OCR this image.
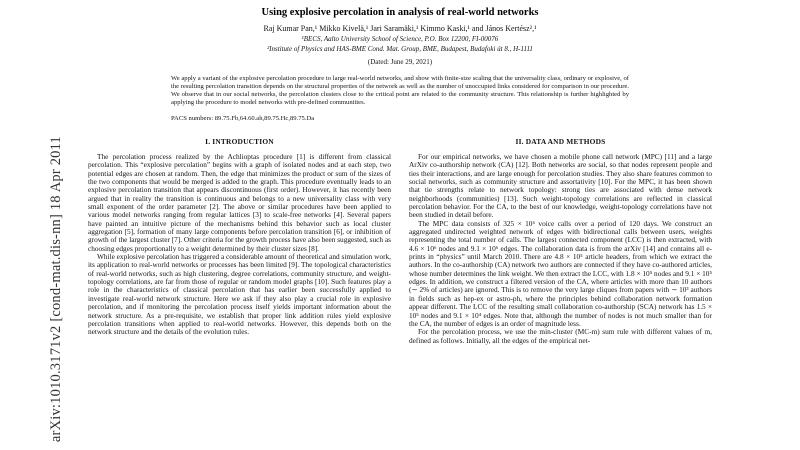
arXiv:1010.3171v2 [cond-mat.dis-nn] 18 Apr 2011
Using explosive percolation in analysis of real-world networks
Raj Kumar Pan,¹ Mikko Kivelä,¹ Jari Saramäki,¹ Kimmo Kaski,¹ and János Kertész²,¹
¹BECS, Aalto University School of Science, P.O. Box 12200, FI-00076
²Institute of Physics and HAS-BME Cond. Mat. Group, BME, Budapest, Budafoki út 8., H-1111
(Dated: June 29, 2021)
We apply a variant of the explosive percolation procedure to large real-world networks, and show with finite-size scaling that the universality class, ordinary or explosive, of the resulting percolation transition depends on the structural properties of the network as well as the number of unoccupied links considered for comparison in our procedure. We observe that in our social networks, the percolation clusters close to the critical point are related to the community structure. This relationship is further highlighted by applying the procedure to model networks with pre-defined communities.
PACS numbers: 89.75.Fb,64.60.ah,89.75.Hc,89.75.Da
I. INTRODUCTION

The percolation process realized by the Achlioptas procedure [1] is different from classical percolation. This “explosive percolation” begins with a graph of isolated nodes and at each step, two potential edges are chosen at random. Then, the edge that minimizes the product or sum of the sizes of the two components that would be merged is added to the graph. This procedure eventually leads to an explosive percolation transition that appears discontinuous (first order). However, it has recently been argued that in reality the transition is continuous and belongs to a new universality class with very small exponent of the order parameter [2]. The above or similar procedures have been applied to various model networks ranging from regular lattices [3] to scale-free networks [4]. Several papers have painted an intuitive picture of the mechanisms behind this behavior such as local cluster aggregation [5], formation of many large components before percolation transition [6], or inhibition of growth of the largest cluster [7]. Other criteria for the growth process have also been suggested, such as choosing edges proportionally to a weight determined by their cluster sizes [8].

While explosive percolation has triggered a considerable amount of theoretical and simulation work, its application to real-world networks or processes has been limited [9]. The topological characteristics of real-world networks, such as high clustering, degree correlations, community structure, and weight-topology correlations, are far from those of regular or random model graphs [10]. Such features play a role in the characteristics of classical percolation that has earlier been successfully applied to investigate real-world network structure. Here we ask if they also play a crucial role in explosive percolation, and if monitoring the percolation process itself yields important information about the network structure. As a pre-requisite, we establish that proper link addition rules yield explosive percolation transitions when applied to real-world networks. However, this depends both on the network structure and the details of the evolution rules.

II. DATA AND METHODS

For our empirical networks, we have chosen a mobile phone call network (MPC) [11] and a large ArXiv co-authorship network (CA) [12]. Both networks are social, so that nodes represent people and ties their interactions, and are large enough for percolation studies. They also share features common to social networks, such as community structure and assortativity [10]. For the MPC, it has been shown that tie strengths relate to network topology: strong ties are associated with dense network neighborhoods (communities) [13]. Such weight-topology correlations are reflected in classical percolation behavior. For the CA, to the best of our knowledge, weight-topology correlations have not been studied in detail before.

The MPC data consists of 325 × 10⁶ voice calls over a period of 120 days. We construct an aggregated undirected weighted network of edges with bidirectional calls between users, weights representing the total number of calls. The largest connected component (LCC) is then extracted, with 4.6 × 10⁶ nodes and 9.1 × 10⁶ edges. The collaboration data is from the arXiv [14] and contains all e-prints in “physics” until March 2010. There are 4.8 × 10⁵ article headers, from which we extract the authors. In the co-authorship (CA) network two authors are connected if they have co-authored articles, whose number determines the link weight. We then extract the LCC, with 1.8 × 10⁵ nodes and 9.1 × 10⁵ edges. In addition, we construct a filtered version of the CA, where articles with more than 10 authors (∼ 2% of articles) are ignored. This is to remove the very large cliques from papers with ∼ 10³ authors in fields such as hep-ex or astro-ph, where the principles behind collaboration network formation appear different. The LCC of the resulting small collaboration co-authorship (SCA) network has 1.5 × 10⁵ nodes and 9.1 × 10⁴ edges. Note that, although the number of nodes is not much smaller than for the CA, the number of edges is an order of magnitude less.

For the percolation process, we use the min-cluster (MC-m) sum rule with different values of m, defined as follows. Initially, all the edges of the empirical net-
